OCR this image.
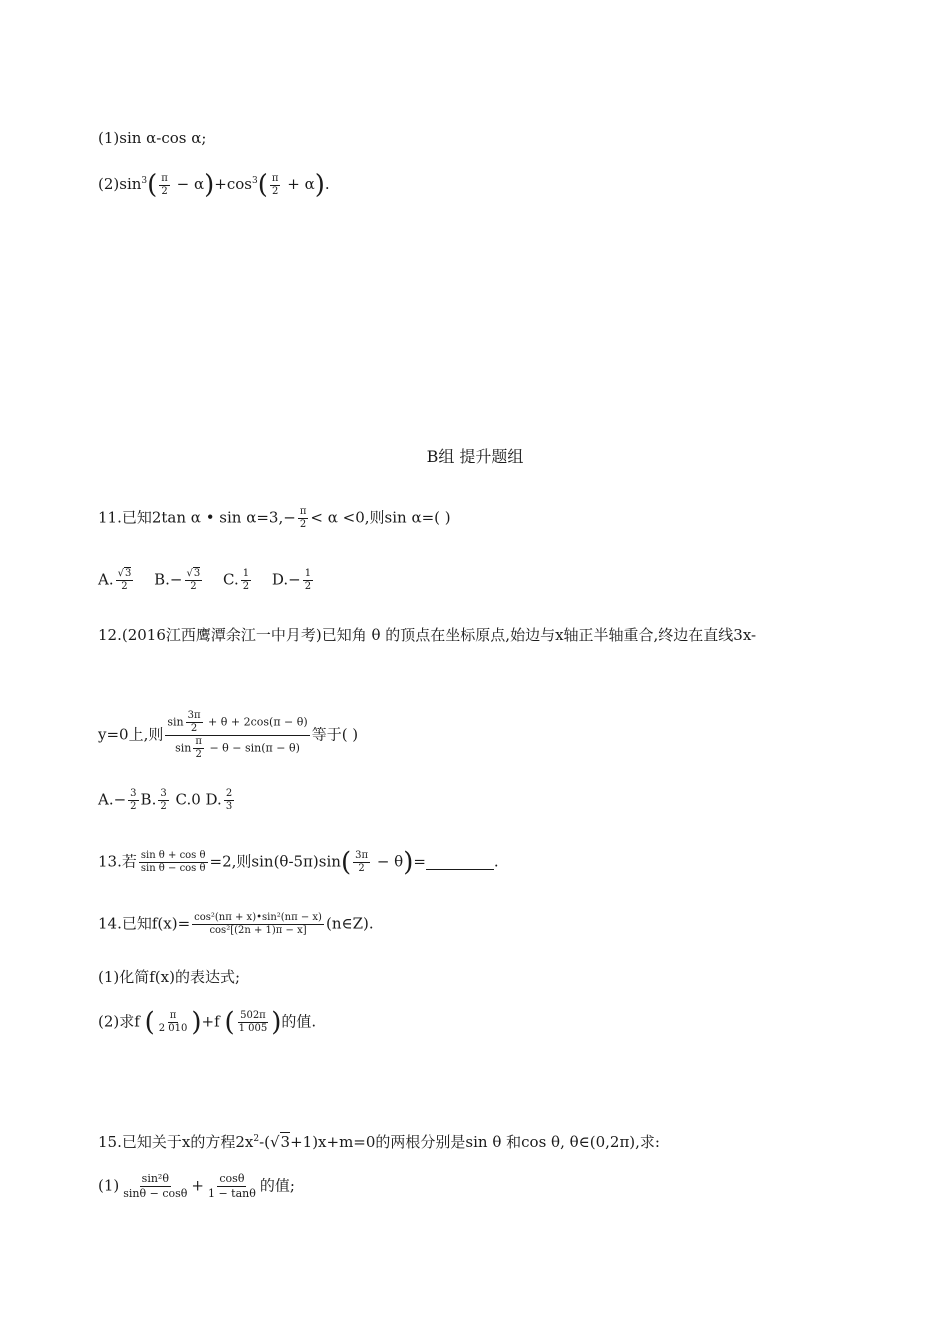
(1)sin α-cos α;
$(2)\sin^3( \frac{\pi}{2} - \alpha)+\cos^3( \frac{\pi}{2} + \alpha)$.
B组 提升题组
11.已知2tan α • $\sin \alpha=3,- \frac{\pi}{2} < \alpha <0$,则sin α=( )
A. $\frac{√3}{2} B.- \frac{√3}{2} C$. $\frac{1}{2} D.- \frac{1}{2}$
12.(2016江西鹰潭余江一中月考)已知角 θ 的顶点在坐标原点,始边与x轴正半轴重合,终边在直线3x-
y=0上,则 $\frac{\sin \frac{3\pi}{2} + \theta + 2\cos(\pi - \theta)}{\sin \frac{\pi}{2} - \theta - \sin(\pi - \theta)}$ 等于( )
$A.- \frac{3}{2} B$. $\frac{3}{2} C.0$ D. $\frac{2}{3}$
13.若 $\frac{\text{sin θ + cos θ}}{\text{sin θ − cos θ}} =2$,则$\sin(\theta-5\pi)\sin( \frac{3\pi}{2} - \theta)=$	.
14.已知$f(x)= \frac{\text{cos²(nπ + x)•sin²(nπ − x)}}{\text{cos²[(2n + 1)π − x]}}$ (n∈Z).
(1)化简f(x)的表达式;
(2)求f ( $\frac{\pi}{2 010} )+f$ ( $\frac{502\pi}{1 005}$ )的值.
15.已知关于x的方程$2x^2-(√3+1)x+m=0$的两根分别是sin θ 和cos θ, θ∈(0,2π),求:
$(1) \frac{\text{sin²θ}}{\sin\theta - \cos\theta} + \frac{\cos\theta}{1 - \tan\theta}$ 的值;
